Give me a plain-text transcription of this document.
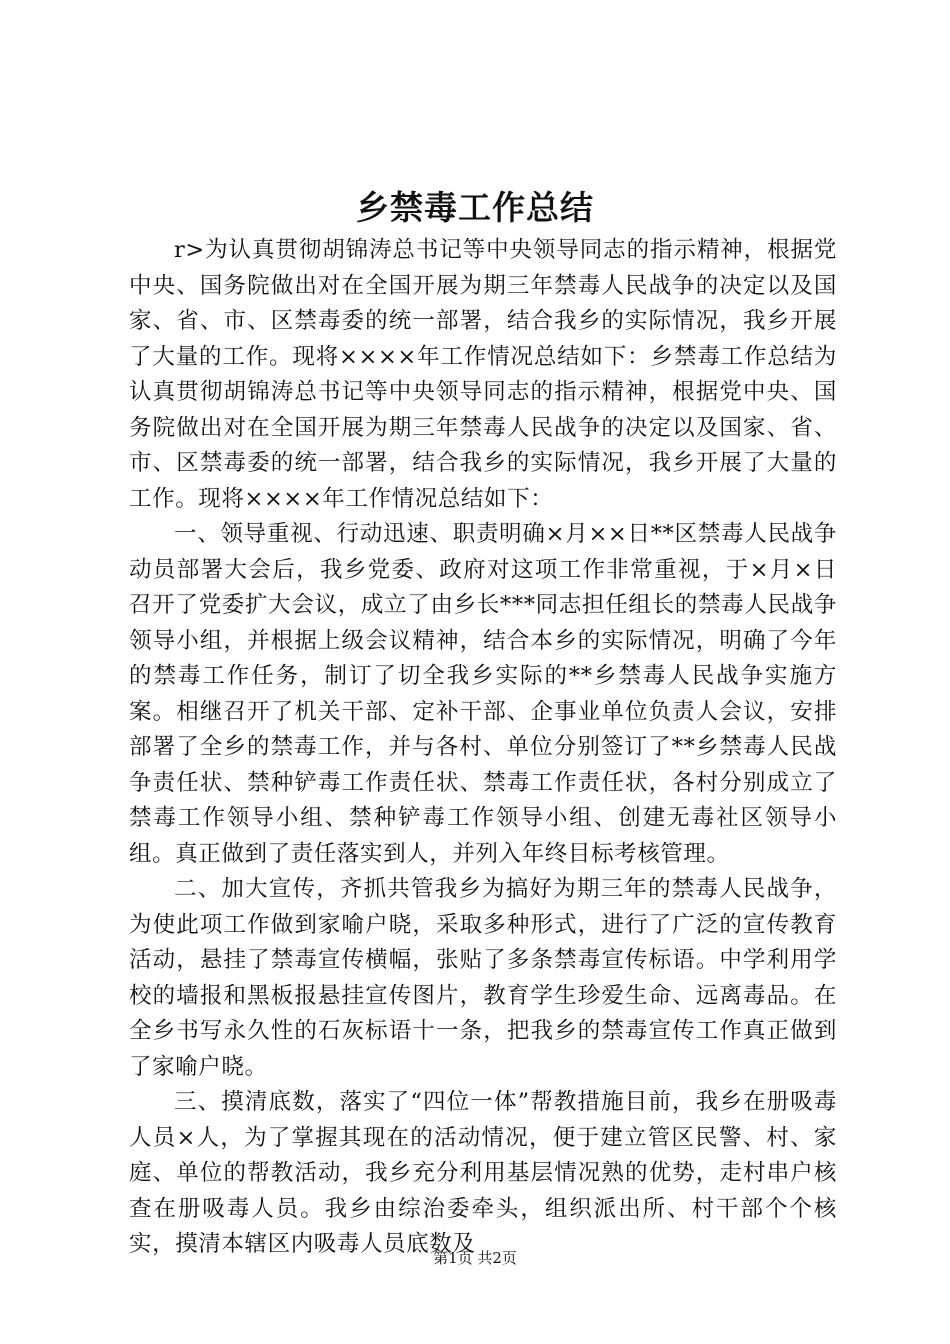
乡禁毒工作总结

r>为认真贯彻胡锦涛总书记等中央领导同志的指示精神，根据党中央、国务院做出对在全国开展为期三年禁毒人民战争的决定以及国家、省、市、区禁毒委的统一部署，结合我乡的实际情况，我乡开展了大量的工作。现将××××年工作情况总结如下：乡禁毒工作总结为认真贯彻胡锦涛总书记等中央领导同志的指示精神，根据党中央、国务院做出对在全国开展为期三年禁毒人民战争的决定以及国家、省、市、区禁毒委的统一部署，结合我乡的实际情况，我乡开展了大量的工作。现将××××年工作情况总结如下：

一、领导重视、行动迅速、职责明确×月××日**区禁毒人民战争动员部署大会后，我乡党委、政府对这项工作非常重视，于×月×日召开了党委扩大会议，成立了由乡长***同志担任组长的禁毒人民战争领导小组，并根据上级会议精神，结合本乡的实际情况，明确了今年的禁毒工作任务，制订了切全我乡实际的**乡禁毒人民战争实施方案。相继召开了机关干部、定补干部、企事业单位负责人会议，安排部署了全乡的禁毒工作，并与各村、单位分别签订了**乡禁毒人民战争责任状、禁种铲毒工作责任状、禁毒工作责任状，各村分别成立了禁毒工作领导小组、禁种铲毒工作领导小组、创建无毒社区领导小组。真正做到了责任落实到人，并列入年终目标考核管理。

二、加大宣传，齐抓共管我乡为搞好为期三年的禁毒人民战争，为使此项工作做到家喻户晓，采取多种形式，进行了广泛的宣传教育活动，悬挂了禁毒宣传横幅，张贴了多条禁毒宣传标语。中学利用学校的墙报和黑板报悬挂宣传图片，教育学生珍爱生命、远离毒品。在全乡书写永久性的石灰标语十一条，把我乡的禁毒宣传工作真正做到了家喻户晓。

三、摸清底数，落实了“四位一体”帮教措施目前，我乡在册吸毒人员×人，为了掌握其现在的活动情况，便于建立管区民警、村、家庭、单位的帮教活动，我乡充分利用基层情况熟的优势，走村串户核查在册吸毒人员。我乡由综治委牵头，组织派出所、村干部个个核实，摸清本辖区内吸毒人员底数及

第1页 共2页
